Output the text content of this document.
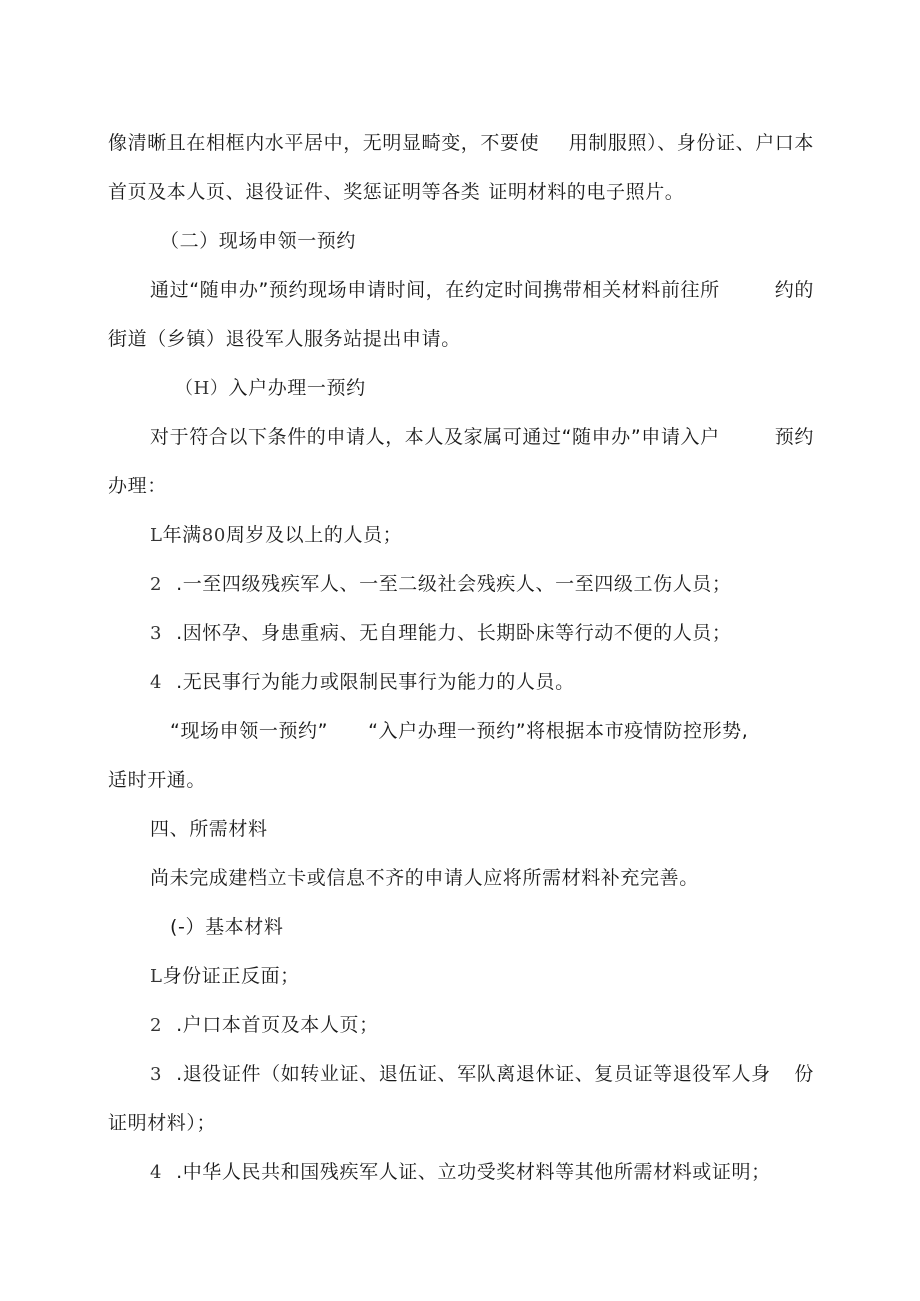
像清晰且在相框内水平居中，无明显畸变，不要使 用制服照）、身份证、户口本
首页及本人页、退役证件、奖惩证明等各类 证明材料的电子照片。
（二）现场申领一预约
通过“随申办”预约现场申请时间，在约定时间携带相关材料前往所	约的
街道（乡镇）退役军人服务站提出申请。
（H）入户办理一预约
对于符合以下条件的申请人，本人及家属可通过“随申办”申请入户	预约
办理：
L年满80周岁及以上的人员；
2 .一至四级残疾军人、一至二级社会残疾人、一至四级工伤人员；
3 .因怀孕、身患重病、无自理能力、长期卧床等行动不便的人员；
4 .无民事行为能力或限制民事行为能力的人员。
“现场申领一预约” “入户办理一预约”将根据本市疫情防控形势,
适时开通。
四、所需材料
尚未完成建档立卡或信息不齐的申请人应将所需材料补充完善。
(-）基本材料
L身份证正反面；
2 .户口本首页及本人页；
3 .退役证件（如转业证、退伍证、军队离退休证、复员证等退役军人身 份
证明材料）；
4 .中华人民共和国残疾军人证、立功受奖材料等其他所需材料或证明；
